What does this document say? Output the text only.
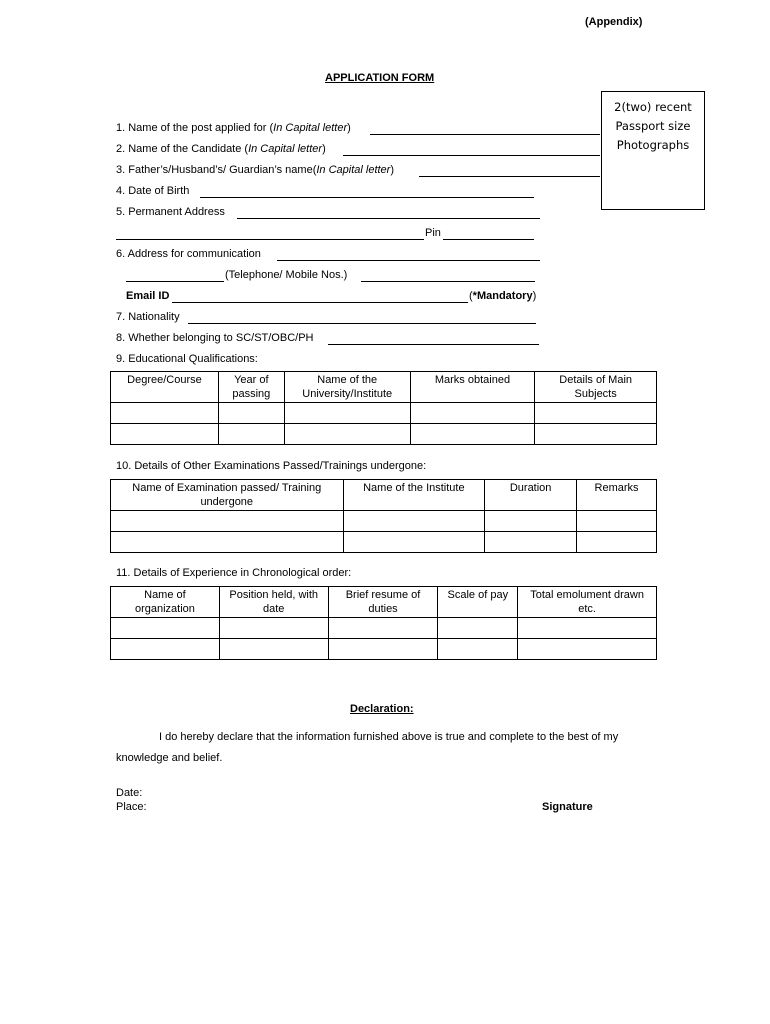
(Appendix)
APPLICATION FORM
2(two) recent
Passport size
Photographs
1. Name of the post applied for (In Capital letter)
2. Name of the Candidate (In Capital letter)
3. Father’s/Husband’s/ Guardian’s name(In Capital letter)
4. Date of Birth
5. Permanent Address
Pin
6. Address for communication
(Telephone/ Mobile Nos.)
Email ID	(*Mandatory)
7. Nationality
8. Whether belonging to SC/ST/OBC/PH
9. Educational Qualifications:
Degree/Course	Year of passing	Name of the University/Institute	Marks obtained	Details of Main Subjects

10. Details of Other Examinations Passed/Trainings undergone:
Name of Examination passed/ Training undergone	Name of the Institute	Duration	Remarks

11. Details of Experience in Chronological order:
Name of organization	Position held, with date	Brief resume of duties	Scale of pay	Total emolument drawn etc.

Declaration:
I do hereby declare that the information furnished above is true and complete to the best of my
knowledge and belief.
Date:
Place:	Signature
